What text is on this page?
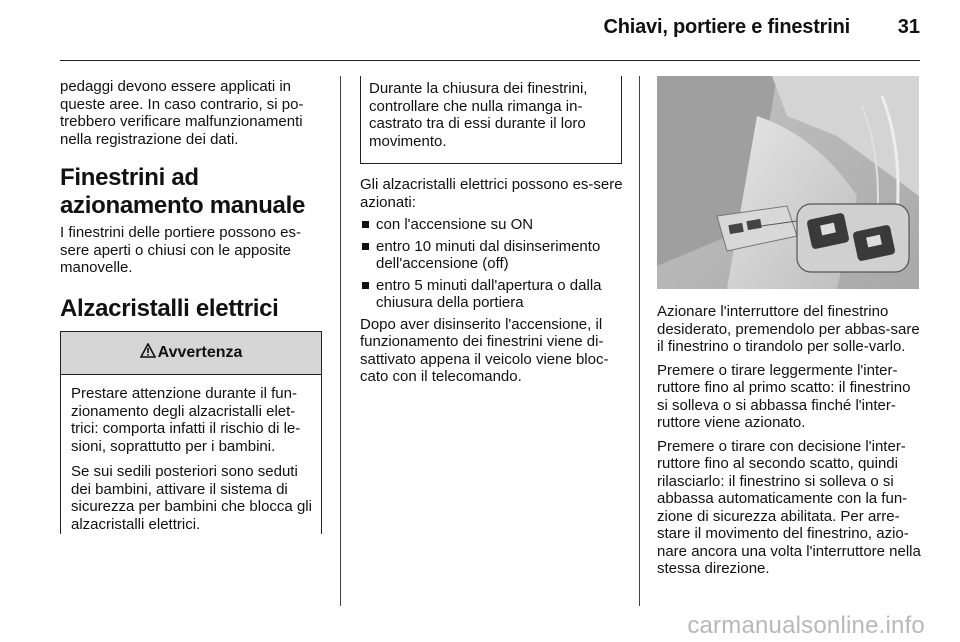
Chiavi, portiere e finestrini	31

pedaggi devono essere applicati in queste aree. In caso contrario, si po-trebbero verificare malfunzionamenti nella registrazione dei dati.

Finestrini ad azionamento manuale

I finestrini delle portiere possono es-sere aperti o chiusi con le apposite manovelle.

Alzacristalli elettrici
Avvertenza

Prestare attenzione durante il fun-zionamento degli alzacristalli elet-trici: comporta infatti il rischio di le-sioni, soprattutto per i bambini.

Se sui sedili posteriori sono seduti dei bambini, attivare il sistema di sicurezza per bambini che blocca gli alzacristalli elettrici.

Durante la chiusura dei finestrini, controllare che nulla rimanga in-castrato tra di essi durante il loro movimento.

Gli alzacristalli elettrici possono es-sere azionati:

con l'accensione su ON
entro 10 minuti dal disinserimento dell'accensione (off)
entro 5 minuti dall'apertura o dalla chiusura della portiera

Dopo aver disinserito l'accensione, il funzionamento dei finestrini viene di-sattivato appena il veicolo viene bloc-cato con il telecomando.

Azionare l'interruttore del finestrino desiderato, premendolo per abbas-sare il finestrino o tirandolo per solle-varlo.

Premere o tirare leggermente l'inter-ruttore fino al primo scatto: il finestrino si solleva o si abbassa finché l'inter-ruttore viene azionato.

Premere o tirare con decisione l'inter-ruttore fino al secondo scatto, quindi rilasciarlo: il finestrino si solleva o si abbassa automaticamente con la fun-zione di sicurezza abilitata. Per arre-stare il movimento del finestrino, azio-nare ancora una volta l'interruttore nella stessa direzione.

carmanualsonline.info
